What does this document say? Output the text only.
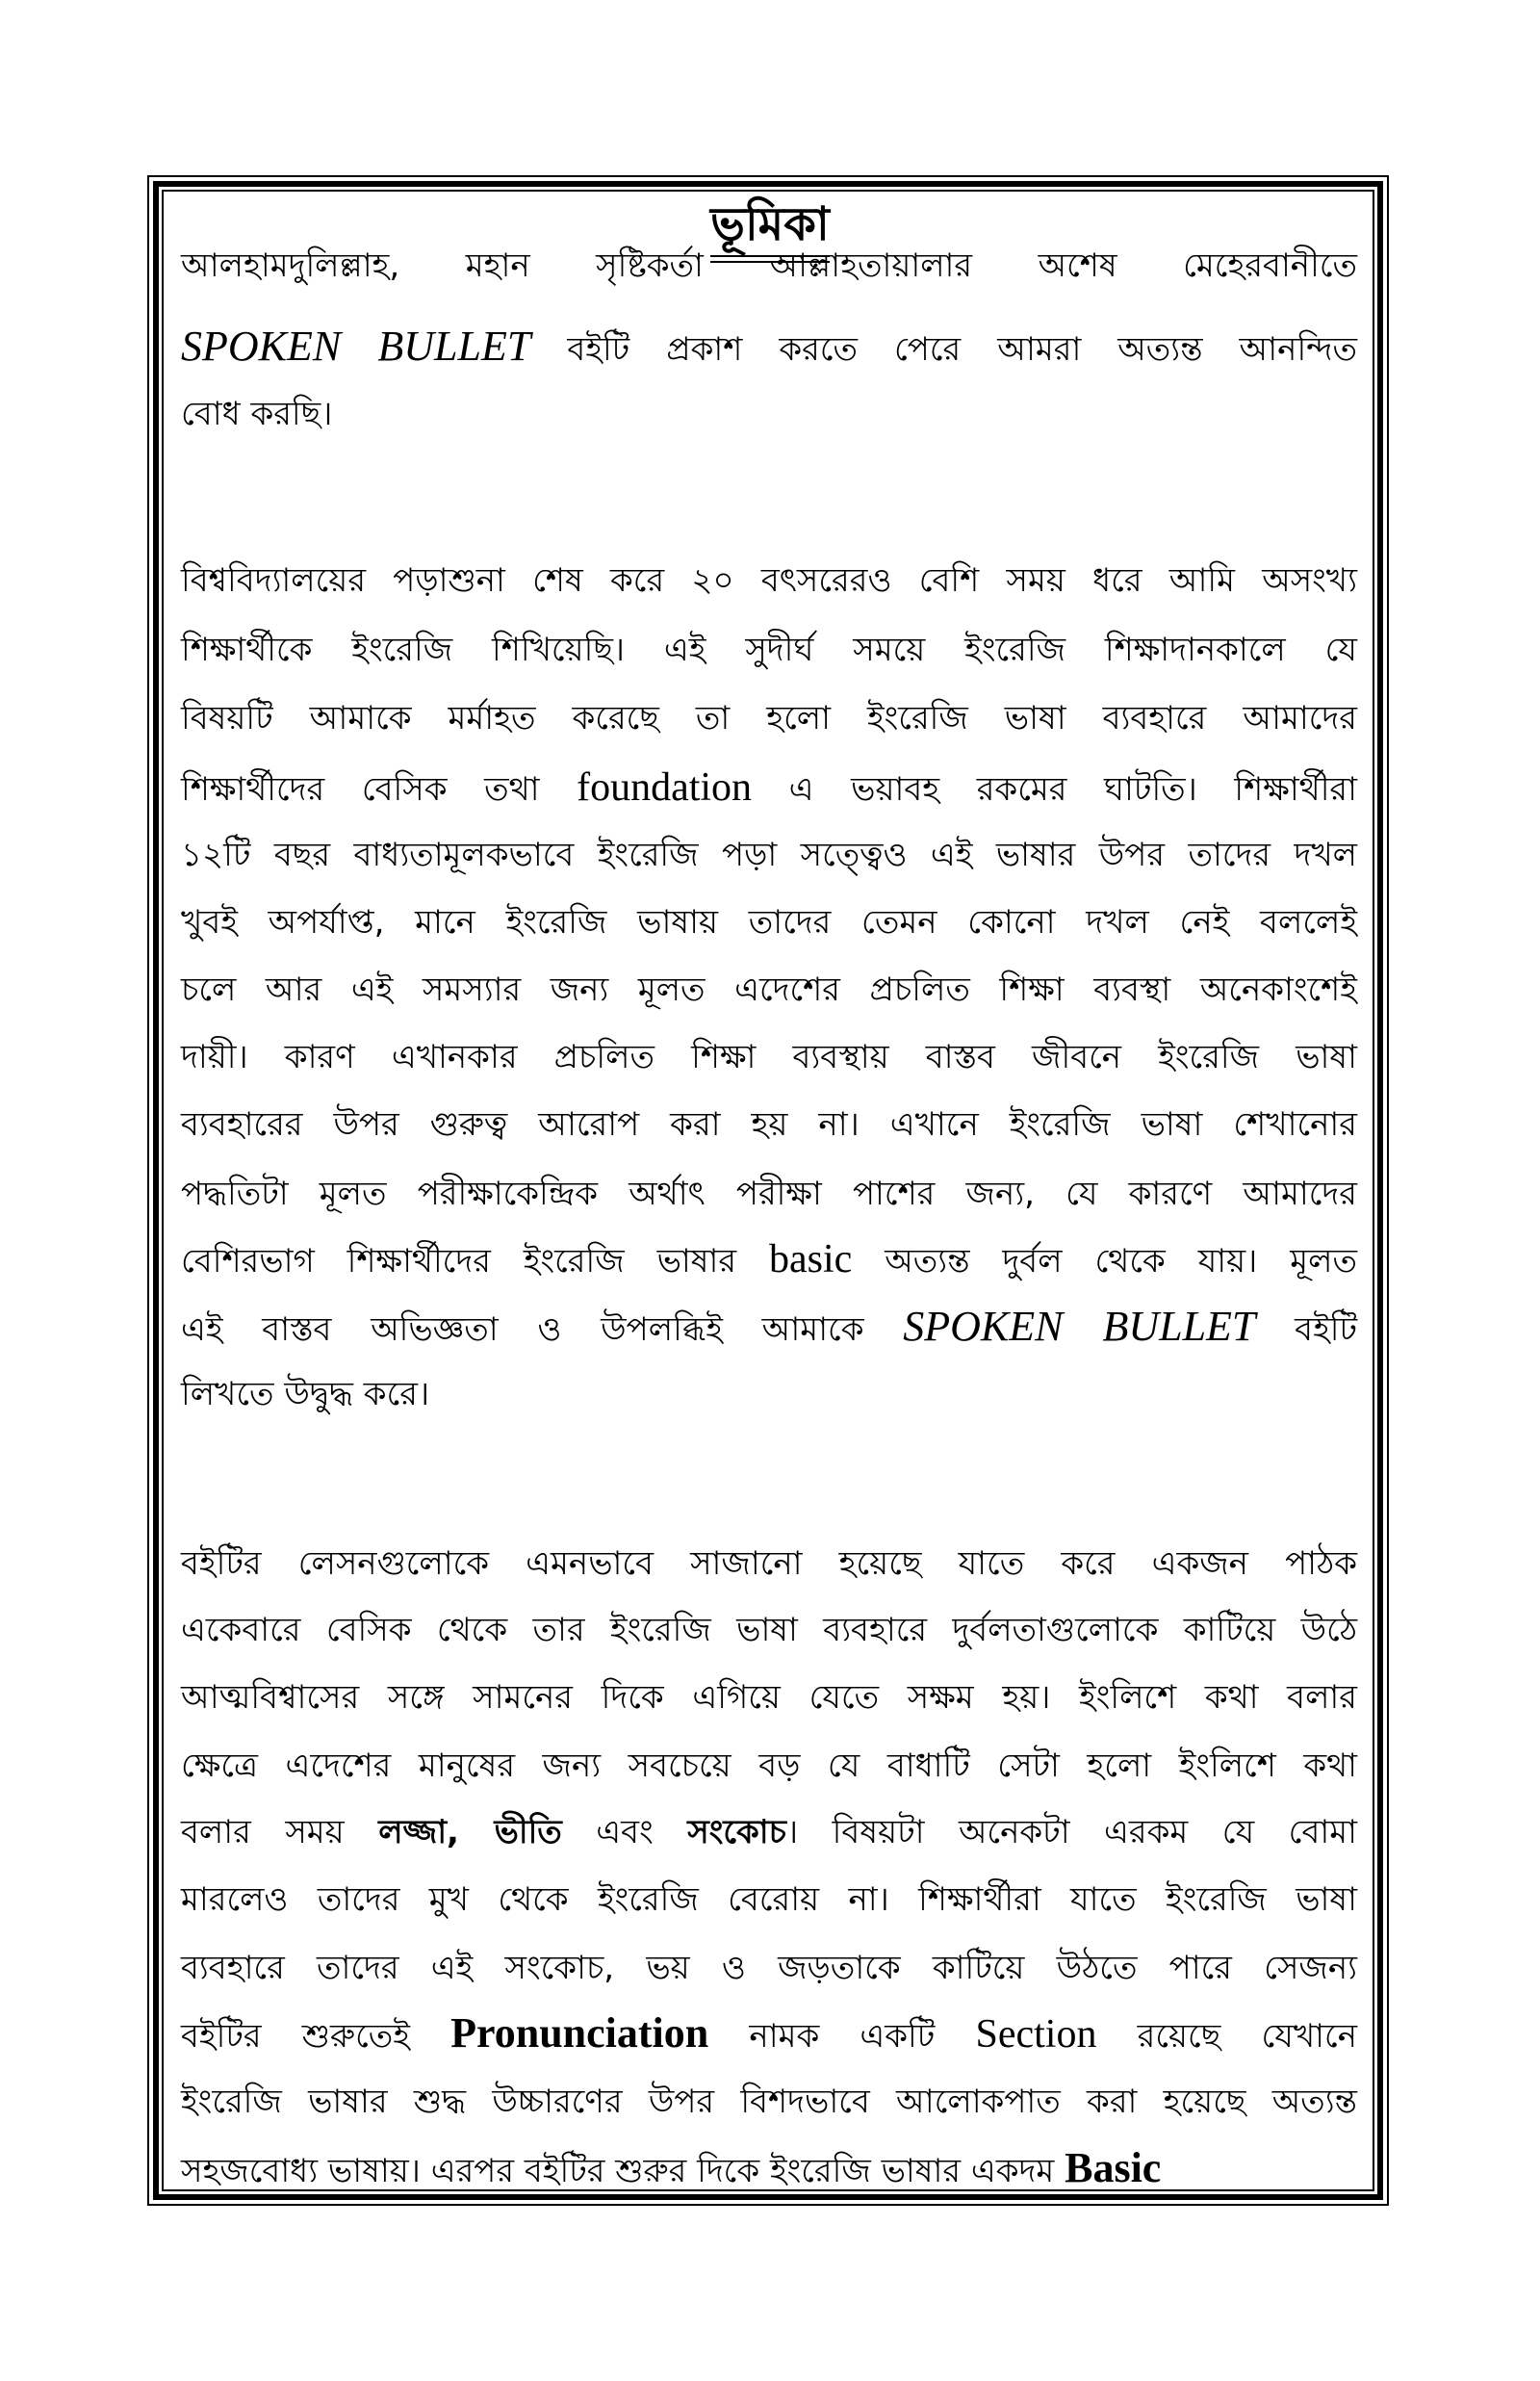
ভূমিকা
আলহামদুলিল্লাহ, মহান সৃষ্টিকর্তা আল্লাহতায়ালার অশেষ মেহেরবানীতে
SPOKEN BULLET বইটি প্রকাশ করতে পেরে আমরা অত্যন্ত আনন্দিত
বোধ করছি।
বিশ্ববিদ্যালয়ের পড়াশুনা শেষ করে ২০ বৎসরেরও বেশি সময় ধরে আমি অসংখ্য
শিক্ষার্থীকে ইংরেজি শিখিয়েছি। এই সুদীর্ঘ সময়ে ইংরেজি শিক্ষাদানকালে যে
বিষয়টি আমাকে মর্মাহত করেছে তা হলো ইংরেজি ভাষা ব্যবহারে আমাদের
শিক্ষার্থীদের বেসিক তথা foundation এ ভয়াবহ রকমের ঘাটতি। শিক্ষার্থীরা
১২টি বছর বাধ্যতামূলকভাবে ইংরেজি পড়া সত্ত্বেও এই ভাষার উপর তাদের দখল
খুবই অপর্যাপ্ত, মানে ইংরেজি ভাষায় তাদের তেমন কোনো দখল নেই বললেই
চলে আর এই সমস্যার জন্য মূলত এদেশের প্রচলিত শিক্ষা ব্যবস্থা অনেকাংশেই
দায়ী। কারণ এখানকার প্রচলিত শিক্ষা ব্যবস্থায় বাস্তব জীবনে ইংরেজি ভাষা
ব্যবহারের উপর গুরুত্ব আরোপ করা হয় না। এখানে ইংরেজি ভাষা শেখানোর
পদ্ধতিটা মূলত পরীক্ষাকেন্দ্রিক অর্থাৎ পরীক্ষা পাশের জন্য, যে কারণে আমাদের
বেশিরভাগ শিক্ষার্থীদের ইংরেজি ভাষার basic অত্যন্ত দুর্বল থেকে যায়। মূলত
এই বাস্তব অভিজ্ঞতা ও উপলব্ধিই আমাকে SPOKEN BULLET বইটি
লিখতে উদ্বুদ্ধ করে।
বইটির লেসনগুলোকে এমনভাবে সাজানো হয়েছে যাতে করে একজন পাঠক
একেবারে বেসিক থেকে তার ইংরেজি ভাষা ব্যবহারে দুর্বলতাগুলোকে কাটিয়ে উঠে
আত্মবিশ্বাসের সঙ্গে সামনের দিকে এগিয়ে যেতে সক্ষম হয়। ইংলিশে কথা বলার
ক্ষেত্রে এদেশের মানুষের জন্য সবচেয়ে বড় যে বাধাটি সেটা হলো ইংলিশে কথা
বলার সময় লজ্জা, ভীতি এবং সংকোচ। বিষয়টা অনেকটা এরকম যে বোমা
মারলেও তাদের মুখ থেকে ইংরেজি বেরোয় না। শিক্ষার্থীরা যাতে ইংরেজি ভাষা
ব্যবহারে তাদের এই সংকোচ, ভয় ও জড়তাকে কাটিয়ে উঠতে পারে সেজন্য
বইটির শুরুতেই Pronunciation নামক একটি Section রয়েছে যেখানে
ইংরেজি ভাষার শুদ্ধ উচ্চারণের উপর বিশদভাবে আলোকপাত করা হয়েছে অত্যন্ত
সহজবোধ্য ভাষায়। এরপর বইটির শুরুর দিকে ইংরেজি ভাষার একদম Basic
